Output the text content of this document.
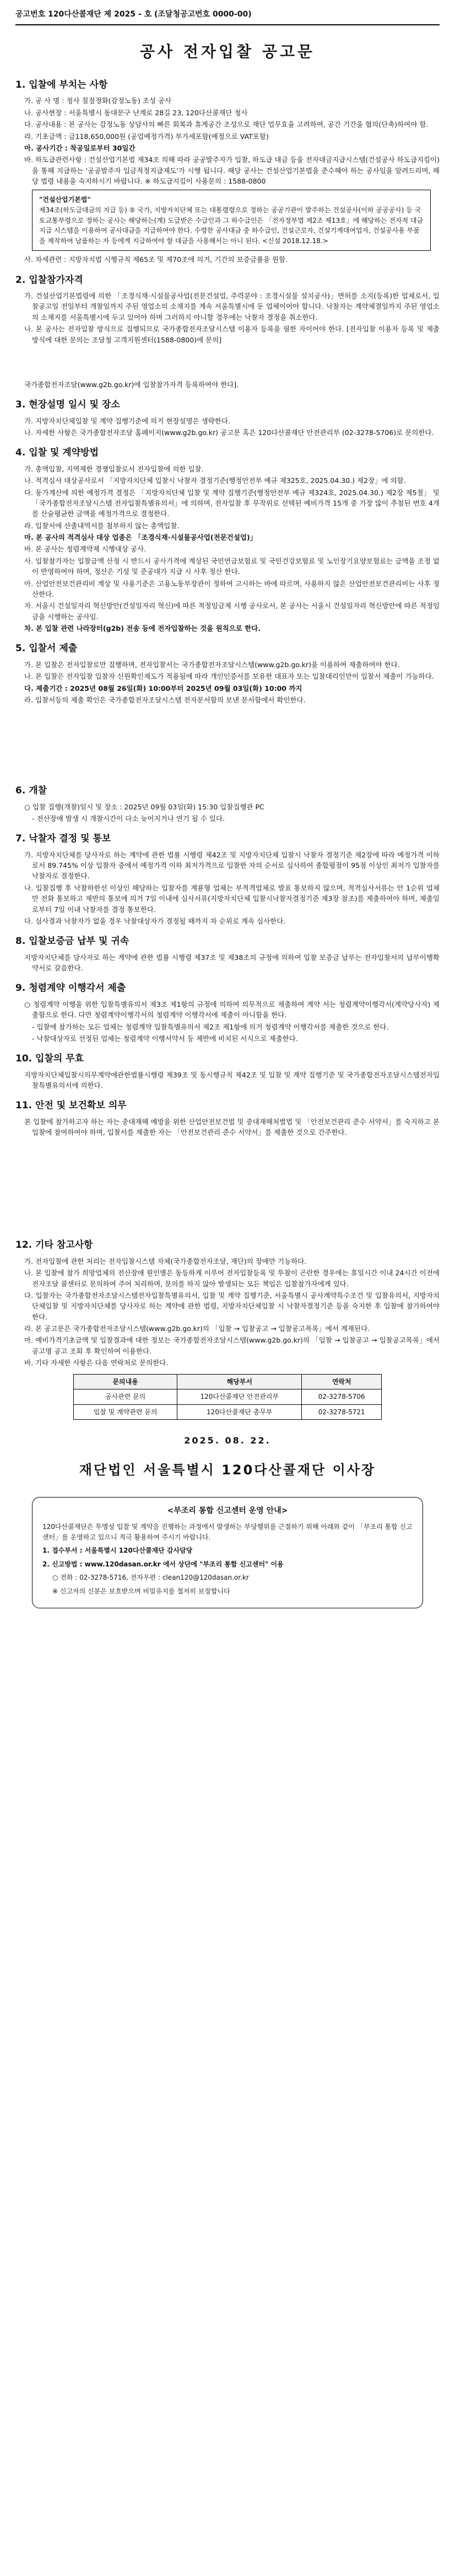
공고번호 120다산콜재단 제 2025 - 호 (조달청공고번호 0000-00)
공사 전자입찰 공고문
1. 입찰에 부치는 사항
가. 공 사 명 : 청사 칠점정화(감정노동) 조성 공사
나. 공사현장 : 서울특별시 동대문구 난계로 28길 23, 120다산콜재단 청사
다. 공사내용 : 본 공사는 감정노동 상담사의 빠른 회복과 휴게공간 조성으로 재단 업무효율 고려하여, 공간 기간을 협의(단축)하여야 함.
라. 기초금액 : 금118,650,000원 (공업예정가격) 부가세포함(예정으로 VAT포함)
마. 공사기간 : 착공일로부터 30일간
바. 하도급관련사항 : 건설산업기본법 제34조 의해 따라 공공발주자가 입찰, 하도급 대금 등을 전자대금지급시스템(건설공사 하도급지킴이)을 통해 지급하는 '공공발주자 입금적정지급제도'가 시행 됩니다. 해당 공사는 건설산업기본법을 준수해야 하는 공사임을 알려드리며, 해당 법령 내용을 숙지하시기 바랍니다. ※ 하도급지킴이 사용문의 : 1588-0800
"건설산업기본법"
제34조(하도급대금의 지급 등) ⑤ 국가, 지방자치단체 또는 대통령령으로 정하는 공공기관이 발주하는 건설공사(이하 공공공사) 등 국토교통부령으로 정하는 공사는 해당하는(계) 도급받은 수급인과 그 하수급인은 「전자정부법 제2조 제13호」에 해당하는 전자적 대금지급 시스템을 이용하여 공사대금을 지급하여야 한다. 수령한 공사대금 중 하수급인, 건설근로자, 건설기계대여업자, 건설공사용 부품을 제작하여 납품하는 자 등에게 지급하여야 할 대금을 사용해서는 아니 된다. <신설 2018.12.18.>
사. 차세관련 : 지방자치법 시행규칙 제65조 및 제70조에 의거, 기간의 보증금률을 원함.
2. 입찰참가자격
가. 건설산업기본법령에 의한 「조경식재·시설물공사업(전문건설업, 주력분야 : 조경시설물 설치공사)」면허를 소지(등록)한 업체로서, 입찰공고일 전일부터 개찰일까지 주된 영업소의 소재지를 계속 서울특별시에 둔 업체이어야 합니다. 낙찰자는 계약체결일까지 주된 영업소의 소재지를 서울특별시에 두고 있어야 하며 그러하지 아니할 경우에는 낙찰자 결정을 취소한다.
나. 본 공사는 전자입찰 방식으로 집행되므로 국가종합전자조달시스템 이용자 등록을 필한 자이어야 한다. [전자입찰 이용자 등록 및 제출 방식에 대한 문의는 조달청 고객지원센터(1588-0800)에 문의]
국가종합전자조달(www.g2b.go.kr)에 입찰참가자격 등록하여야 한다].
3. 현장설명 일시 및 장소
가. 지방자치단체입찰 및 계약 집행기준에 의거 현장설명은 생략한다.
나. 자세한 사항은 국가종합전자조달 홈페이지(www.g2b.go.kr) 공고문 혹은 120다산콜재단 안전관리부 (02-3278-5706)로 문의한다.
4. 입찰 및 계약방법
가. 총액입찰, 지역제한 경쟁입찰로서 전자입찰에 의한 입찰.
나. 적격심사 대상공사로서 「지방자치단체 입찰시 낙찰자 결정기준(행정안전부 예규 제325호, 2025.04.30.) 제2장」에 의함.
다. 동가계산에 의한 예정가격 결정은 「지방자치단체 입찰 및 계약 집행기준(행정안전부 예규 제324호, 2025.04.30.) 제2장 제5절」 및 「국가종합전자조달시스템 전자입찰특별유의서」에 의하며, 전자입찰 후 무작위로 선택된 예비가격 15개 중 가장 많이 추첨된 번호 4개를 산술평균한 금액을 예정가격으로 결정한다.
라. 입찰서에 산출내역서를 첨부하지 않는 총액입찰.
마. 본 공사의 적격심사 대상 업종은 「조경식재·시설물공사업(전문건설업)」
바. 본 공사는 청렴계약제 시행대상 공사.
사. 입찰참가자는 입찰금액 산정 시 반드시 공사가격에 계상된 국민연금보험료 및 국민건강보험료 및 노인장기요양보험료는 금액을 조정 없이 반영하여야 하며, 정산은 기성 및 준공대가 지급 시 사후 정산 한다.
아. 산업안전보건관리비 계상 및 사용기준은 고용노동부장관이 정하여 고시하는 바에 따르며, 사용하지 않은 산업안전보건관리비는 사후 정산한다.
자. 서울시 건설일자리 혁신방안(건설일자리 혁신)에 따른 적정임금제 시행 공사로서, 본 공사는 서울시 건설일자리 혁신방안에 따른 적정임금을 시행하는 공사임.
차. 본 입찰 관련 나라장터(g2b) 전송 등에 전자입찰하는 것을 원칙으로 한다.
5. 입찰서 제출
가. 본 입찰은 전자입찰로만 집행하며, 전자입찰서는 국가종합전자조달시스템(www.g2b.go.kr)을 이용하여 제출하여야 한다.
나. 본 입찰은 전자입찰 입찰자 신원확인제도가 적용됨에 따라 개인인증서를 보유한 대표자 또는 입찰대리인만이 입찰서 제출이 가능하다.
다. 제출기간 : 2025년 08월 26일(화) 10:00부터 2025년 09월 03일(화) 10:00 까지
라. 입찰서등의 제출 확인은 국가종합전자조달시스템 전자문서함의 보낸 문서함에서 확인한다.
6. 개찰
○ 입찰 집행(개찰)일시 및 장소 : 2025년 09월 03일(화) 15:30 입찰집행관 PC
- 전산장애 발생 시 개찰시간이 다소 늦어지거나 연기 될 수 있다.
7. 낙찰자 결정 및 통보
가. 지방자치단체를 당사자로 하는 계약에 관한 법률 시행령 제42조 및 지방자치단체 입찰시 낙찰자 결정기준 제2장에 따라 예정가격 이하로서 89.745% 이상 입찰자 중에서 예정가격 이하 최저가격으로 입찰한 자의 순서로 심사하여 종합평점이 95점 이상인 최저가 입찰자를 낙찰자로 결정한다.
나. 입찰집행 후 낙찰하한선 이상인 해당하는 입찰자를 계룡형 업체는 부적격업체로 발표 통보하지 않으며, 적격심사서류는 안 1순위 업체만 전화 통보하고 제반의 통보에 의거 7일 이내에 심사서류(지방자치단체 입찰시낙찰자결정기준 제3장 참조)를 제출하여야 하며, 제출일로부터 7일 이내 낙찰자를 결정 통보한다.
다. 심사결과 낙찰자가 없을 경우 낙찰대상자가 결정될 때까지 차 순위로 계속 심사한다.
8. 입찰보증금 납부 및 귀속
지방자치단체를 당사자로 하는 계약에 관한 법률 시행령 제37조 및 제38조의 규정에 의하여 입찰 보증금 납부는 전자입찰서의 납부이행확약서로 갈음한다.
9. 청렴계약 이행각서 제출
○ 청렴계약 이행을 위한 입찰특별유의서 제3조 제1항의 규정에 의하여 의무적으로 제출하여 계약 서는 청렴계약이행각서(계약당사자) 제출함으로 한다. 다만 청렴계약이행각서의 청렴계약 이행각서에 제출이 아니함을 한다.
- 입찰에 참가하는 모든 업체는 청렴계약 입찰특별유의서 제2조 제1항에 의거 청렴계약 이행각서를 제출한 것으로 한다.
- 낙찰대상자로 선정된 업체는 청렴계약 이행서약서 등 제반에 비치된 서식으로 제출한다.
10. 입찰의 무효
지방자치단체입찰시의무계약에관한법률시행령 제39조 및 동시행규칙 제42조 및 입찰 및 계약 집행기준 및 국가종합전자조달시스템전자입찰특별유의서에 의한다.
11. 안전 및 보건확보 의무
본 입찰에 참가하고자 하는 자는 중대재해 예방을 위한 산업안전보건법 및 중대재해처벌법 및 「안전보건관리 준수 서약서」를 숙지하고 본 입찰에 참여하여야 하며, 입찰서를 제출한 자는 「안전보건관리 준수 서약서」를 제출한 것으로 간주한다.
12. 기타 참고사항
가. 전자입찰에 관한 처리는 전자입찰시스템 자체(국가종합전자조달, 재단)의 장애만 기능하다.
나. 본 입찰에 참가 희망업체의 전산장애 원인별은 동등하게 이루어 전자입찰등록 및 투찰이 곤란한 경우에는 휴일시간 이내 24시간 이전에 전자조달 콜센터로 문의하여 주어 처리하며, 문의를 하지 않아 발생되는 모든 책임은 입찰참가자에게 있다.
다. 입찰자는 국가종합전자조달시스템전자입찰특별유의서, 입찰 및 계약 집행기준, 서울특별시 공사계약특수조건 및 입찰유의서, 지방자치단체입찰 및 지방자치단체를 당사자로 하는 계약에 관한 법령, 지방자치단체입찰 시 낙찰자결정기준 등을 숙지한 후 입찰에 참가하여야 한다.
라. 본 공고문은 국가종합전자조달시스템(www.g2b.go.kr)의 「입찰 → 입찰공고 → 입찰공고목록」에서 게재된다.
마. 예비가격기초금액 및 입찰결과에 대한 정보는 국가종합전자조달시스템(www.g2b.go.kr)의 「입찰 → 입찰공고 → 입찰공고목록」에서 공고명 공고 조회 후 확인하여 이용한다.
바. 기타 자세한 사항은 다음 연락처로 문의한다.
문의내용	해당부서	연락처
공사관련 문의	120다산콜재단 안전관리부	02-3278-5706
입찰 및 계약관련 문의	120다산콜재단 총무부	02-3278-5721
2025. 08. 22.
재단법인 서울특별시 120다산콜재단 이사장
<부조리 통합 신고센터 운영 안내>

120다산콜재단은 투명성 입찰 및 계약을 진행하는 과정에서 발생하는 부당행위를 근절하기 위해 아래와 같이 「부조리 통합 신고센터」를 운영하고 있으니 적극 활용하여 주시기 바랍니다.

1. 접수부서 : 서울특별시 120다산콜재단 감사담당

2. 신고방법 : www.120dasan.or.kr 에서 상단에 "부조리 통합 신고센터" 이용

○ 전화 : 02-3278-5716, 전자우편 : clean120@120dasan.or.kr

※ 신고자의 신분은 보호받으며 비밀유지를 철저히 보장합니다
